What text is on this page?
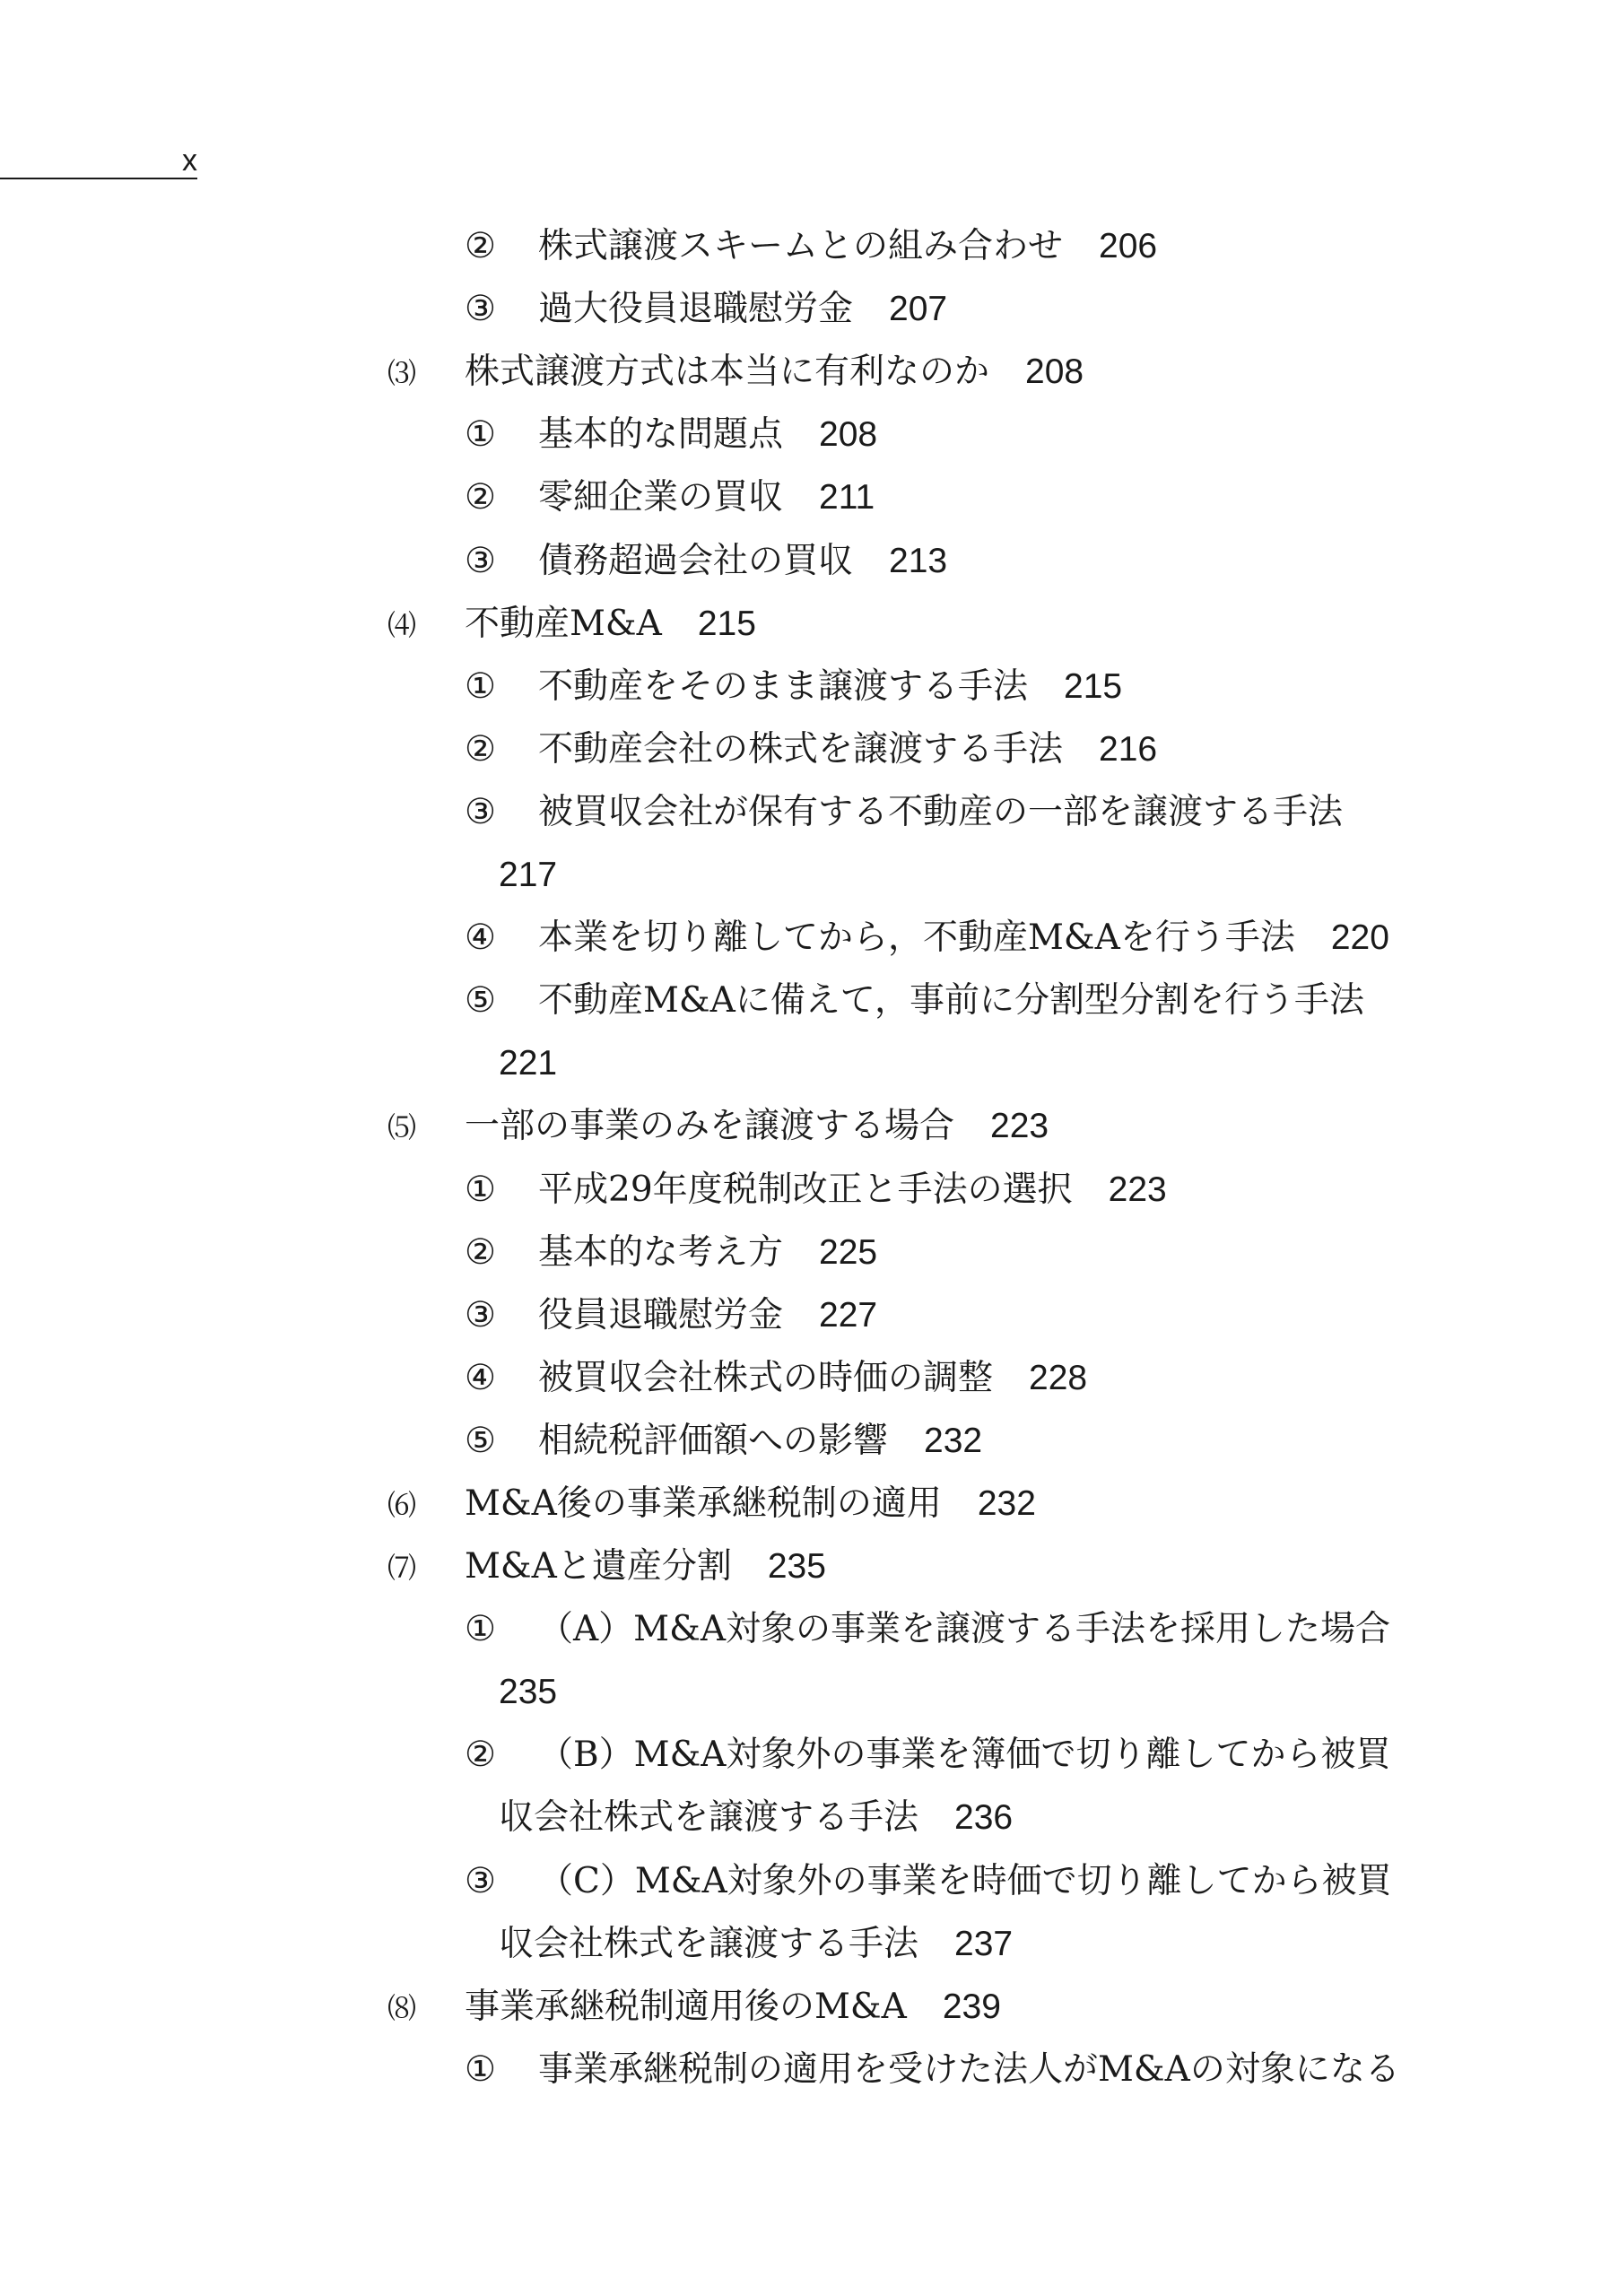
x
② 株式譲渡スキームとの組み合わせ 206
③ 過大役員退職慰労金 207
⑶ 株式譲渡方式は本当に有利なのか 208
① 基本的な問題点 208
② 零細企業の買収 211
③ 債務超過会社の買収 213
⑷ 不動産M&A 215
① 不動産をそのまま譲渡する手法 215
② 不動産会社の株式を譲渡する手法 216
③ 被買収会社が保有する不動産の一部を譲渡する手法
217
④ 本業を切り離してから，不動産M&Aを行う手法 220
⑤ 不動産M&Aに備えて，事前に分割型分割を行う手法
221
⑸ 一部の事業のみを譲渡する場合 223
① 平成29年度税制改正と手法の選択 223
② 基本的な考え方 225
③ 役員退職慰労金 227
④ 被買収会社株式の時価の調整 228
⑤ 相続税評価額への影響 232
⑹ M&A後の事業承継税制の適用 232
⑺ M&Aと遺産分割 235
① （A）M&A対象の事業を譲渡する手法を採用した場合
235
② （B）M&A対象外の事業を簿価で切り離してから被買
収会社株式を譲渡する手法 236
③ （C）M&A対象外の事業を時価で切り離してから被買
収会社株式を譲渡する手法 237
⑻ 事業承継税制適用後のM&A 239
① 事業承継税制の適用を受けた法人がM&Aの対象になる
